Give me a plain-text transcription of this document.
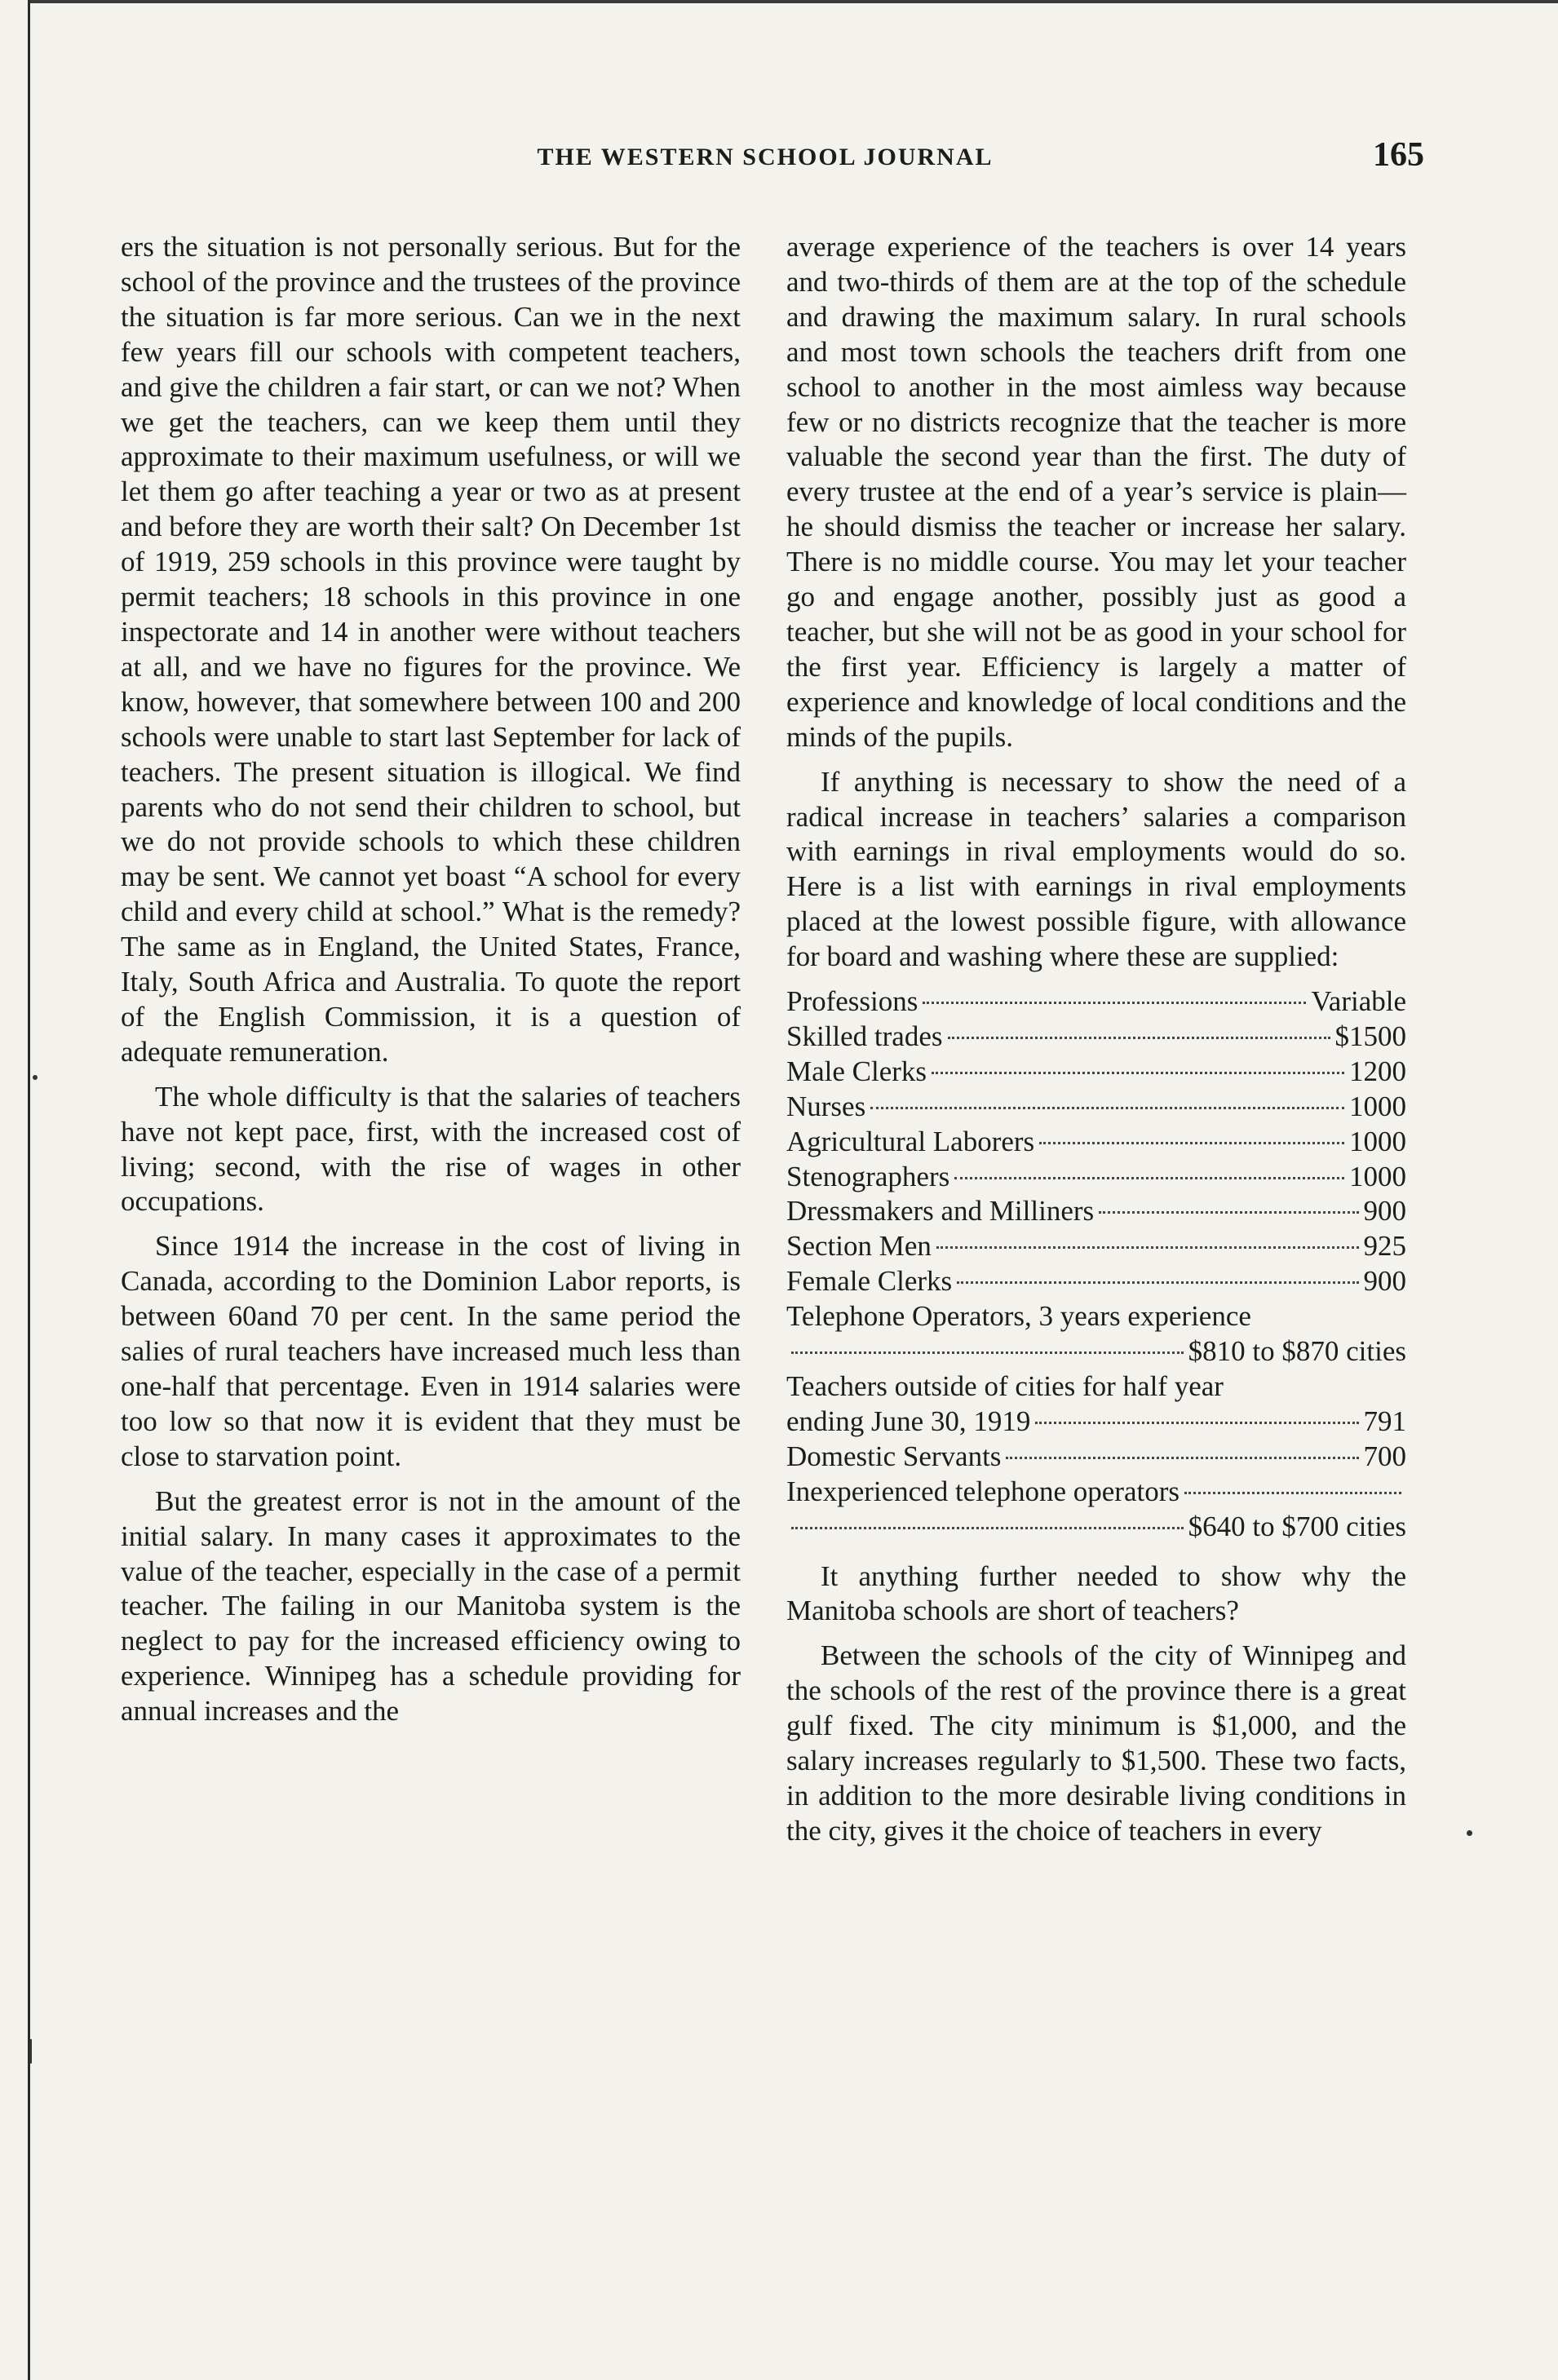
THE WESTERN SCHOOL JOURNAL	165

ers the situation is not personally serious. But for the school of the province and the trustees of the province the situation is far more serious. Can we in the next few years fill our schools with competent teachers, and give the children a fair start, or can we not? When we get the teachers, can we keep them until they approximate to their maximum usefulness, or will we let them go after teaching a year or two as at present and before they are worth their salt? On December 1st of 1919, 259 schools in this province were taught by permit teachers; 18 schools in this province in one inspectorate and 14 in another were without teachers at all, and we have no figures for the province. We know, however, that somewhere between 100 and 200 schools were unable to start last September for lack of teachers. The present situation is illogical. We find parents who do not send their children to school, but we do not provide schools to which these children may be sent. We cannot yet boast “A school for every child and every child at school.” What is the remedy? The same as in England, the United States, France, Italy, South Africa and Australia. To quote the report of the English Commission, it is a question of adequate remuneration.

The whole difficulty is that the salaries of teachers have not kept pace, first, with the increased cost of living; second, with the rise of wages in other occupations.

Since 1914 the increase in the cost of living in Canada, according to the Dominion Labor reports, is between 60and 70 per cent. In the same period the salies of rural teachers have increased much less than one-half that percentage. Even in 1914 salaries were too low so that now it is evident that they must be close to starvation point.

But the greatest error is not in the amount of the initial salary. In many cases it approximates to the value of the teacher, especially in the case of a permit teacher. The failing in our Manitoba system is the neglect to pay for the increased efficiency owing to experience. Winnipeg has a schedule providing for annual increases and the

average experience of the teachers is over 14 years and two-thirds of them are at the top of the schedule and drawing the maximum salary. In rural schools and most town schools the teachers drift from one school to another in the most aimless way because few or no districts recognize that the teacher is more valuable the second year than the first. The duty of every trustee at the end of a year’s service is plain—he should dismiss the teacher or increase her salary. There is no middle course. You may let your teacher go and engage another, possibly just as good a teacher, but she will not be as good in your school for the first year. Efficiency is largely a matter of experience and knowledge of local conditions and the minds of the pupils.

If anything is necessary to show the need of a radical increase in teachers’ salaries a comparison with earnings in rival employments would do so. Here is a list with earnings in rival employments placed at the lowest possible figure, with allowance for board and washing where these are supplied:

Professions	Variable
Skilled trades	$1500
Male Clerks	1200
Nurses	1000
Agricultural Laborers	1000
Stenographers	1000
Dressmakers and Milliners	900
Section Men	925
Female Clerks	900
Telephone Operators, 3 years experience
$810 to $870 cities
Teachers outside of cities for half year
ending June 30, 1919	791
Domestic Servants	700
Inexperienced telephone operators
$640 to $700 cities

It anything further needed to show why the Manitoba schools are short of teachers?

Between the schools of the city of Winnipeg and the schools of the rest of the province there is a great gulf fixed. The city minimum is $1,000, and the salary increases regularly to $1,500. These two facts, in addition to the more desirable living conditions in the city, gives it the choice of teachers in every
